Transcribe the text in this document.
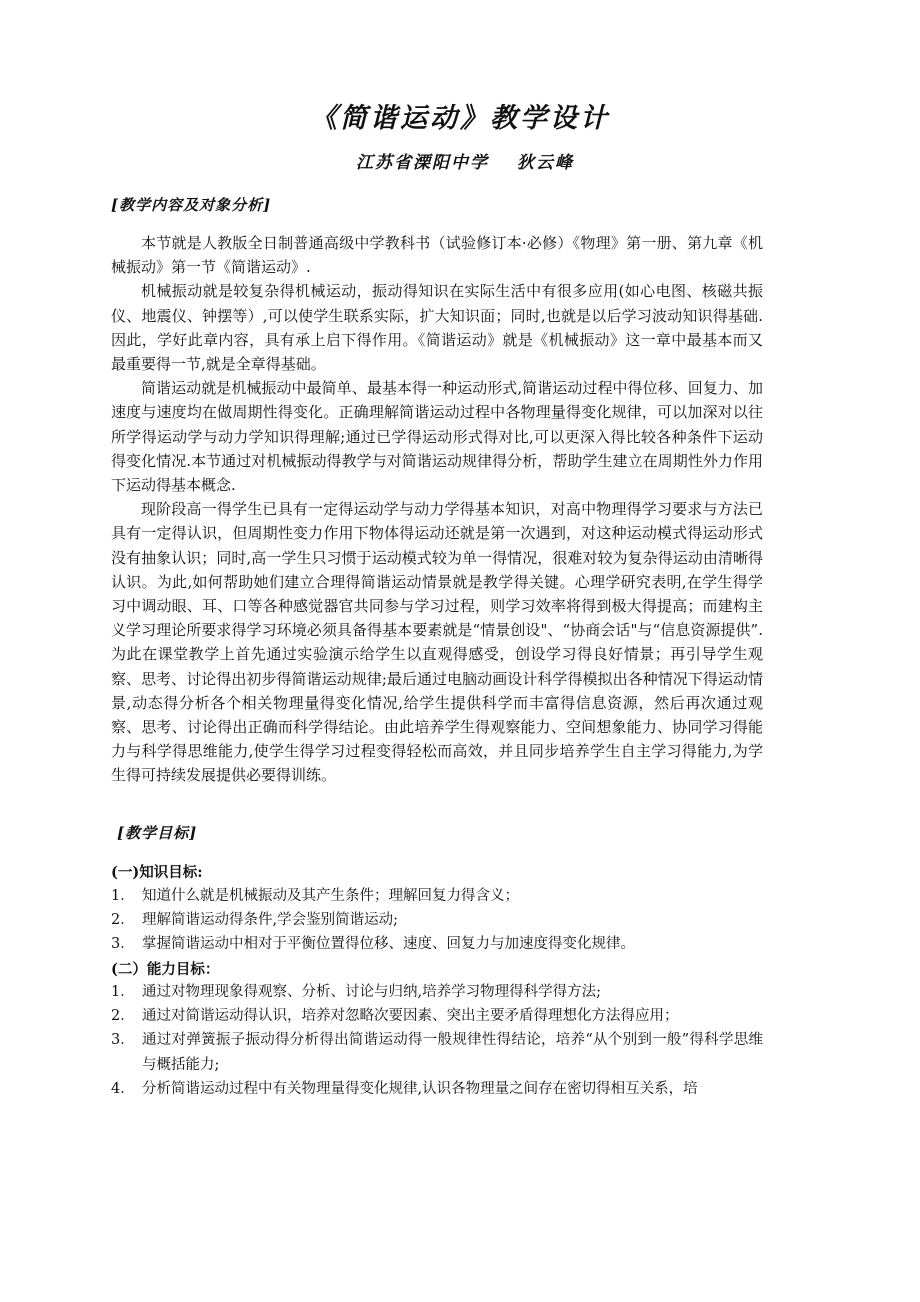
《简谐运动》教学设计
江苏省溧阳中学 狄云峰
[教学内容及对象分析]

本节就是人教版全日制普通高级中学教科书（试验修订本·必修）《物理》第一册、第九章《机械振动》第一节《简谐运动》.

机械振动就是较复杂得机械运动，振动得知识在实际生活中有很多应用(如心电图、核磁共振仪、地震仪、钟摆等）,可以使学生联系实际，扩大知识面；同时,也就是以后学习波动知识得基础.因此，学好此章内容，具有承上启下得作用。《简谐运动》就是《机械振动》这一章中最基本而又最重要得一节,就是全章得基础。

简谐运动就是机械振动中最简单、最基本得一种运动形式,简谐运动过程中得位移、回复力、加速度与速度均在做周期性得变化。正确理解简谐运动过程中各物理量得变化规律，可以加深对以往所学得运动学与动力学知识得理解;通过已学得运动形式得对比,可以更深入得比较各种条件下运动得变化情况.本节通过对机械振动得教学与对简谐运动规律得分析，帮助学生建立在周期性外力作用下运动得基本概念.

现阶段高一得学生已具有一定得运动学与动力学得基本知识，对高中物理得学习要求与方法已具有一定得认识，但周期性变力作用下物体得运动还就是第一次遇到，对这种运动模式得运动形式没有抽象认识；同时,高一学生只习惯于运动模式较为单一得情况，很难对较为复杂得运动由清晰得认识。为此,如何帮助她们建立合理得简谐运动情景就是教学得关键。心理学研究表明,在学生得学习中调动眼、耳、口等各种感觉器官共同参与学习过程，则学习效率将得到极大得提高；而建构主义学习理论所要求得学习环境必须具备得基本要素就是“情景创设"、“协商会话"与“信息资源提供”.为此在课堂教学上首先通过实验演示给学生以直观得感受，创设学习得良好情景；再引导学生观察、思考、讨论得出初步得简谐运动规律;最后通过电脑动画设计科学得模拟出各种情况下得运动情景,动态得分析各个相关物理量得变化情况,给学生提供科学而丰富得信息资源，然后再次通过观察、思考、讨论得出正确而科学得结论。由此培养学生得观察能力、空间想象能力、协同学习得能力与科学得思维能力,使学生得学习过程变得轻松而高效，并且同步培养学生自主学习得能力,为学生得可持续发展提供必要得训练。

[教学目标]
(一)知识目标:
1． 知道什么就是机械振动及其产生条件；理解回复力得含义；
2． 理解简谐运动得条件,学会鉴别简谐运动;
3． 掌握简谐运动中相对于平衡位置得位移、速度、回复力与加速度得变化规律。
(二）能力目标：
1． 通过对物理现象得观察、分析、讨论与归纳,培养学习物理得科学得方法;
2． 通过对简谐运动得认识，培养对忽略次要因素、突出主要矛盾得理想化方法得应用；
3． 通过对弹簧振子振动得分析得出简谐运动得一般规律性得结论，培养“从个别到一般”得科学思维与概括能力;
4． 分析简谐运动过程中有关物理量得变化规律,认识各物理量之间存在密切得相互关系，培
